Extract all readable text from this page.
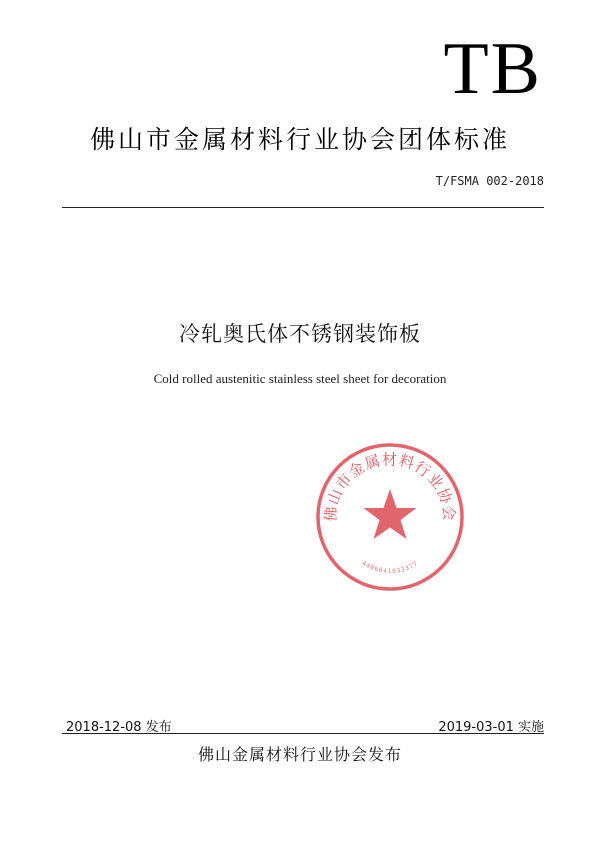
TB
佛山市金属材料行业协会团体标准
T/FSMA 002-2018
冷轧奥氏体不锈钢装饰板
Cold rolled austenitic stainless steel sheet for decoration
佛山市金属材料行业协会
4406041033377
2018-12-08 发布	2019-03-01 实施
佛山金属材料行业协会发布
